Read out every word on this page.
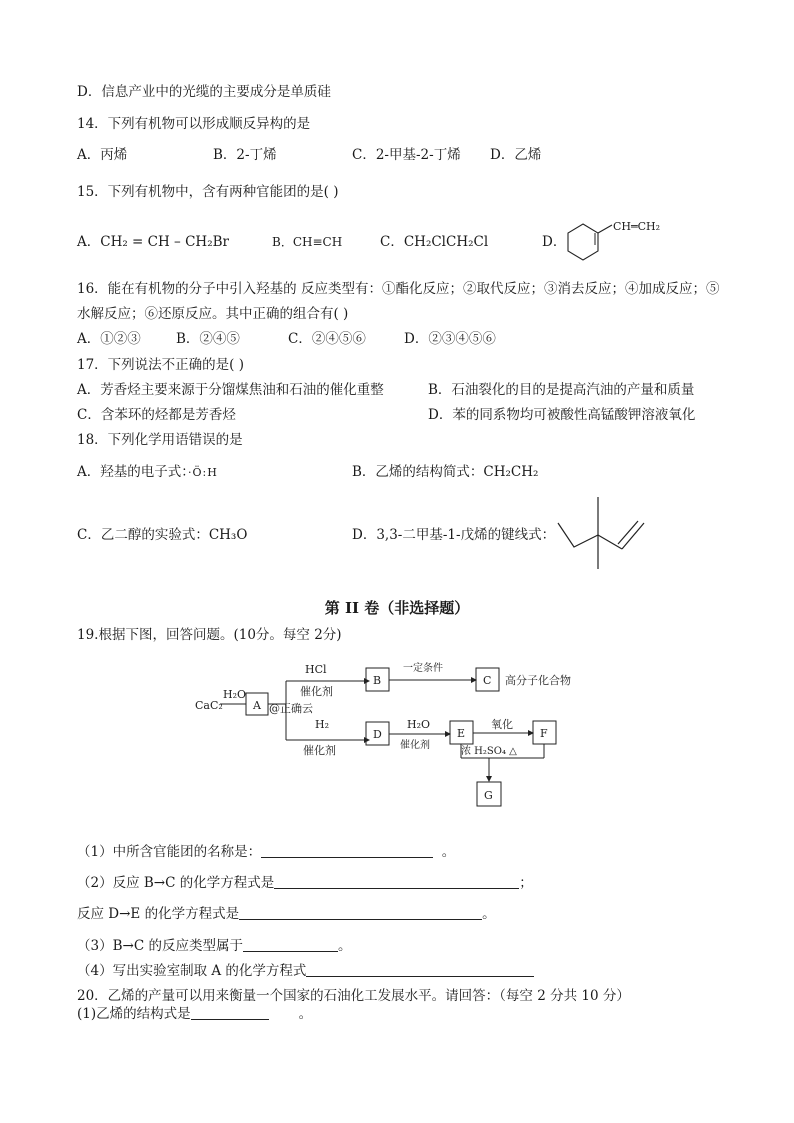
D．信息产业中的光缆的主要成分是单质硅
14．下列有机物可以形成顺反异构的是
A．丙烯	B．2-丁烯	C．2-甲基-2-丁烯 D．乙烯
15．下列有机物中，含有两种官能团的是( )
A．CH₂ = CH – CH₂Br	B．CH≡CH	C．CH₂ClCH₂Cl	D．
CH═CH₂
16．能在有机物的分子中引入羟基的 反应类型有：①酯化反应；②取代反应；③消去反应；④加成反应；⑤
水解反应；⑥还原反应。其中正确的组合有( )
A．①②③	B．②④⑤	C．②④⑤⑥	D．②③④⑤⑥
17．下列说法不正确的是( )
A．芳香烃主要来源于分馏煤焦油和石油的催化重整	B．石油裂化的目的是提高汽油的产量和质量
C．含苯环的烃都是芳香烃	D．苯的同系物均可被酸性高锰酸钾溶液氧化
18．下列化学用语错误的是
A．羟基的电子式：·Ö:H	B．乙烯的结构简式：CH₂CH₂
C．乙二醇的实验式：CH₃O	D．3,3-二甲基-1-戊烯的键线式：
第 II 卷（非选择题）
19.根据下图，回答问题。(10分。每空 2分)
CaC₂
H₂O
A @正确云
HCl
催化剂
B
一定条件
C 高分子化合物
H₂
催化剂
D
H₂O
催化剂
E
氧化
F
浓 H₂SO₄ △
G
（1）中所含官能团的名称是：	。
（2）反应 B→C 的化学方程式是	；
反应 D→E 的化学方程式是	。
（3）B→C 的反应类型属于	。
（4）写出实验室制取 A 的化学方程式
20．乙烯的产量可以用来衡量一个国家的石油化工发展水平。请回答：（每空 2 分共 10 分）
(1)乙烯的结构式是	。
